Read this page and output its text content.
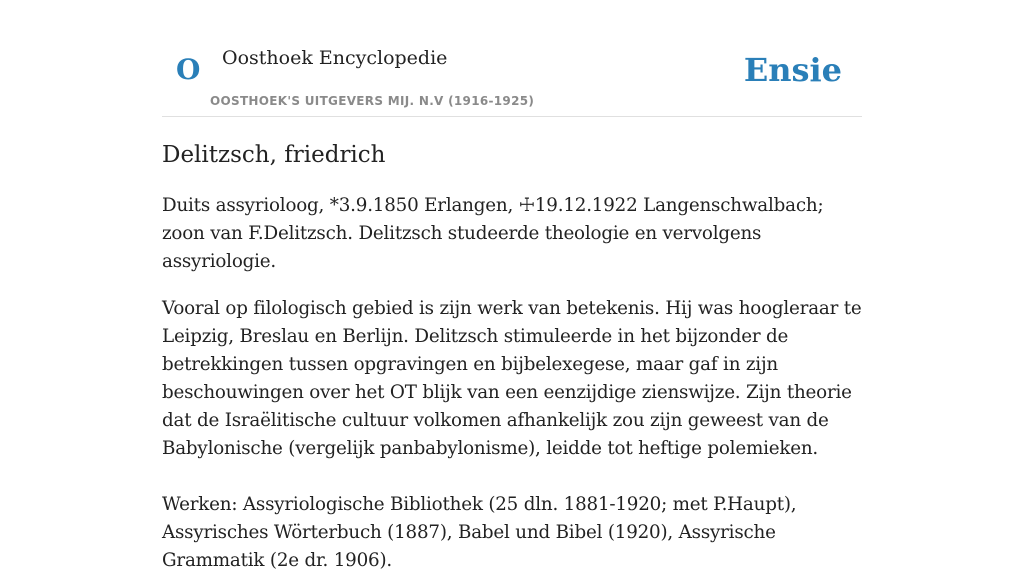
O Oosthoek Encyclopedie
OOSTHOEK'S UITGEVERS MIJ. N.V (1916-1925)
Ensie
Delitzsch, friedrich

Duits assyrioloog, *3.9.1850 Erlangen, ☩19.12.1922 Langenschwalbach; zoon van F.Delitzsch. Delitzsch studeerde theologie en vervolgens assyriologie.

Vooral op filologisch gebied is zijn werk van betekenis. Hij was hoogleraar te Leipzig, Breslau en Berlijn. Delitzsch stimuleerde in het bijzonder de betrekkingen tussen opgravingen en bijbelexegese, maar gaf in zijn beschouwingen over het OT blijk van een eenzijdige zienswijze. Zijn theorie dat de Israëlitische cultuur volkomen afhankelijk zou zijn geweest van de Babylonische (vergelijk panbabylonisme), leidde tot heftige polemieken.

Werken: Assyriologische Bibliothek (25 dln. 1881-1920; met P.Haupt), Assyrisches Wörterbuch (1887), Babel und Bibel (1920), Assyrische Grammatik (2e dr. 1906).
